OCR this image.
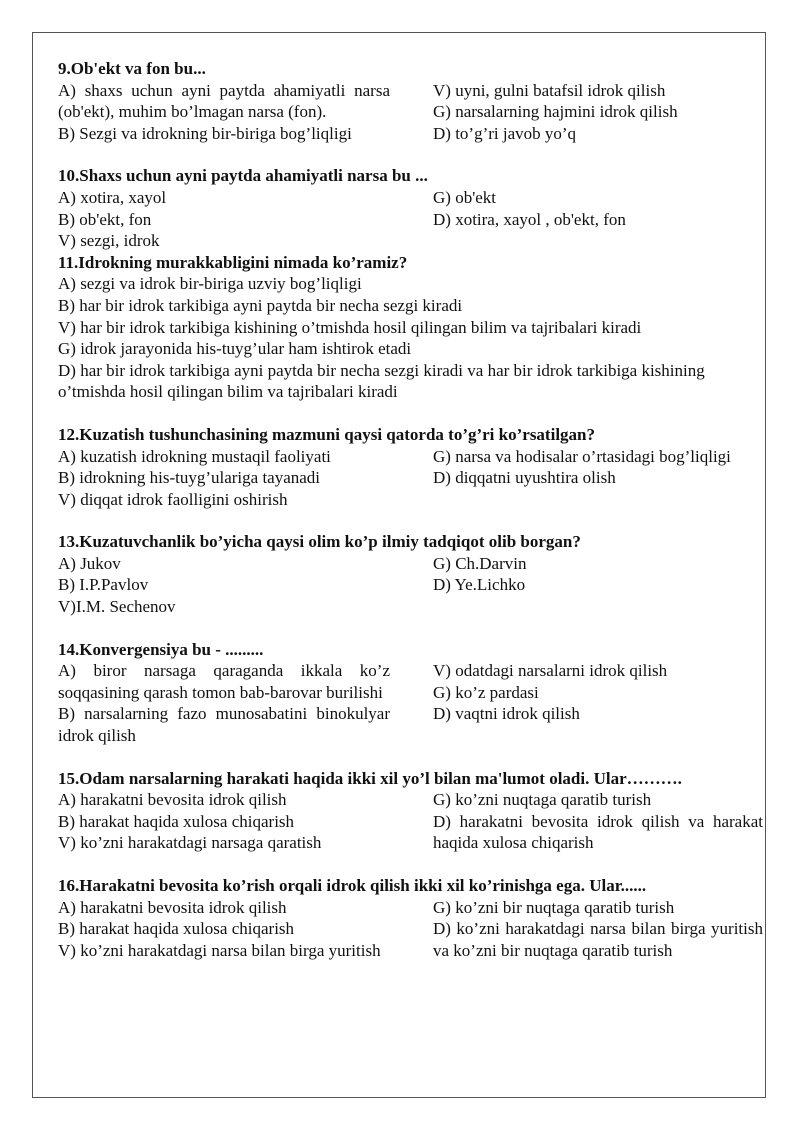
9.Ob'ekt va fon bu...
A) shaxs uchun ayni paytda ahamiyatli narsa (ob'ekt), muhim bo’lmagan narsa (fon).
B) Sezgi va idrokning bir-biriga bog’liqligi
V) uyni, gulni batafsil idrok qilish
G) narsalarning hajmini idrok qilish
D) to’g’ri javob yo’q
10.Shaxs uchun ayni paytda ahamiyatli narsa bu ...
A) xotira, xayol
B) ob'ekt, fon
V) sezgi, idrok
G) ob'ekt
D) xotira, xayol , ob'ekt, fon
11.Idrokning murakkabligini nimada ko’ramiz?
A) sezgi va idrok bir-biriga uzviy bog’liqligi
B) har bir idrok tarkibiga ayni paytda bir necha sezgi kiradi
V) har bir idrok tarkibiga kishining o’tmishda hosil qilingan bilim va tajribalari kiradi
G) idrok jarayonida his-tuyg’ular ham ishtirok etadi
D) har bir idrok tarkibiga ayni paytda bir necha sezgi kiradi va har bir idrok tarkibiga kishining o’tmishda hosil qilingan bilim va tajribalari kiradi
12.Kuzatish tushunchasining mazmuni qaysi qatorda to’g’ri ko’rsatilgan?
A) kuzatish idrokning mustaqil faoliyati
B) idrokning his-tuyg’ulariga tayanadi
V) diqqat idrok faolligini oshirish
G) narsa va hodisalar o’rtasidagi bog’liqligi
D) diqqatni uyushtira olish
13.Kuzatuvchanlik bo’yicha qaysi olim ko’p ilmiy tadqiqot olib borgan?
A) Jukov
B) I.P.Pavlov
V)I.M. Sechenov
G) Ch.Darvin
D) Ye.Lichko
14.Konvergensiya bu - .........
A) biror narsaga qaraganda ikkala ko’z soqqasining qarash tomon bab-barovar burilishi
B) narsalarning fazo munosabatini binokulyar idrok qilish
V) odatdagi narsalarni idrok qilish
G) ko’z pardasi
D) vaqtni idrok qilish
15.Odam narsalarning harakati haqida ikki xil yo’l bilan ma'lumot oladi. Ular……….
A) harakatni bevosita idrok qilish
B) harakat haqida xulosa chiqarish
V) ko’zni harakatdagi narsaga qaratish
G) ko’zni nuqtaga qaratib turish
D) harakatni bevosita idrok qilish va harakat haqida xulosa chiqarish
16.Harakatni bevosita ko’rish orqali idrok qilish ikki xil ko’rinishga ega. Ular......
A) harakatni bevosita idrok qilish
B) harakat haqida xulosa chiqarish
V) ko’zni harakatdagi narsa bilan birga yuritish
G) ko’zni bir nuqtaga qaratib turish
D) ko’zni harakatdagi narsa bilan birga yuritish va ko’zni bir nuqtaga qaratib turish
